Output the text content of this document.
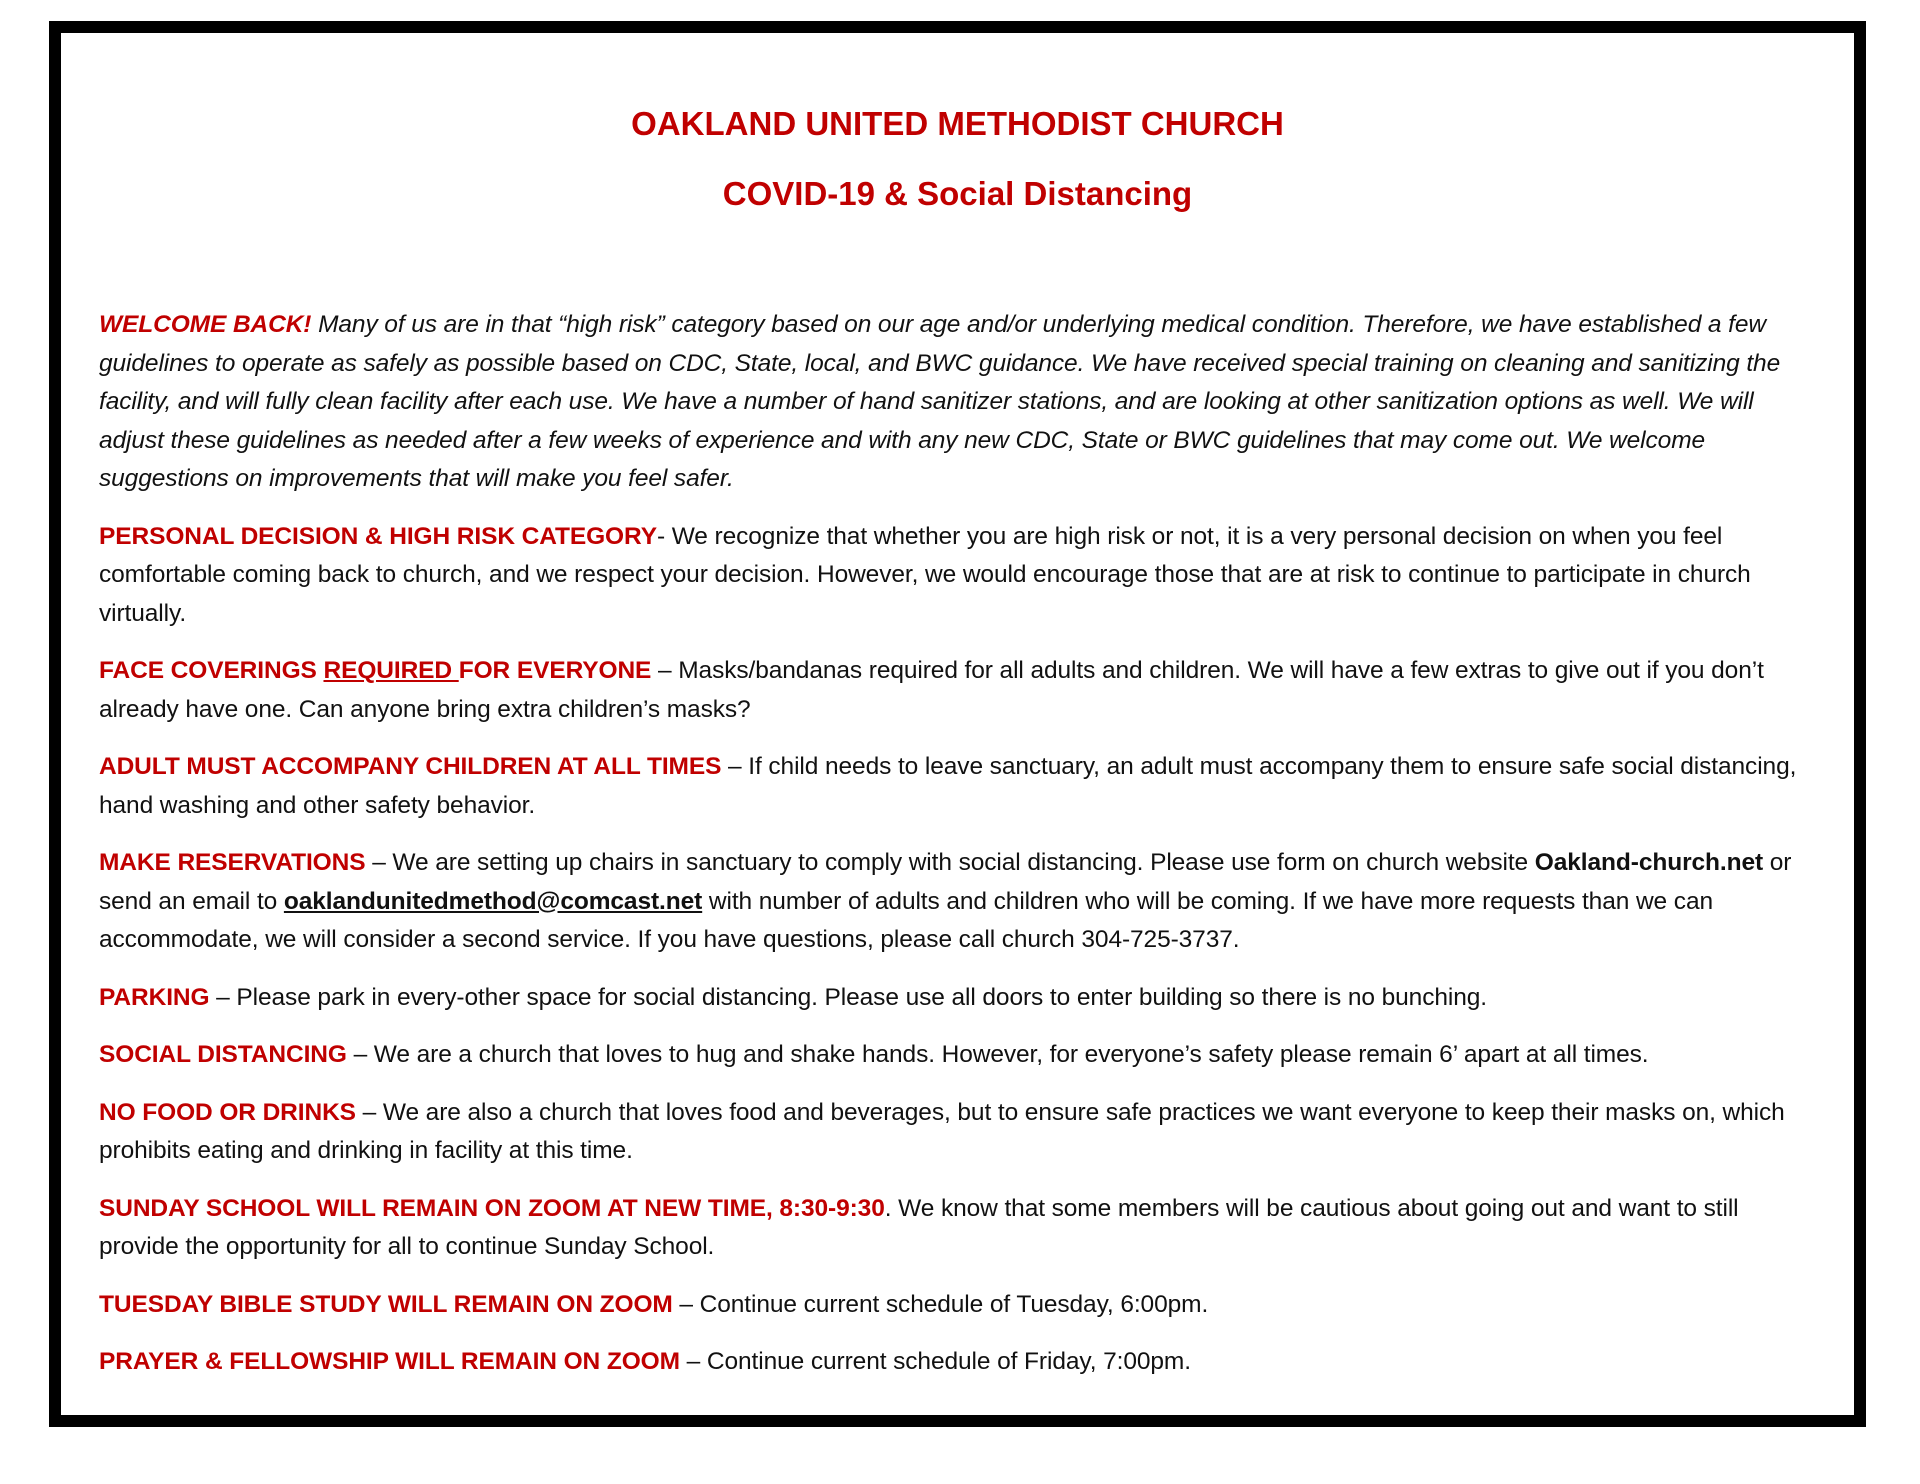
OAKLAND UNITED METHODIST CHURCH
COVID-19 & Social Distancing

WELCOME BACK! Many of us are in that “high risk” category based on our age and/or underlying medical condition. Therefore, we have established a few guidelines to operate as safely as possible based on CDC, State, local, and BWC guidance. We have received special training on cleaning and sanitizing the facility, and will fully clean facility after each use. We have a number of hand sanitizer stations, and are looking at other sanitization options as well. We will adjust these guidelines as needed after a few weeks of experience and with any new CDC, State or BWC guidelines that may come out. We welcome suggestions on improvements that will make you feel safer.

PERSONAL DECISION & HIGH RISK CATEGORY- We recognize that whether you are high risk or not, it is a very personal decision on when you feel comfortable coming back to church, and we respect your decision. However, we would encourage those that are at risk to continue to participate in church virtually.

FACE COVERINGS REQUIRED FOR EVERYONE – Masks/bandanas required for all adults and children. We will have a few extras to give out if you don’t already have one. Can anyone bring extra children’s masks?

ADULT MUST ACCOMPANY CHILDREN AT ALL TIMES – If child needs to leave sanctuary, an adult must accompany them to ensure safe social distancing, hand washing and other safety behavior.

MAKE RESERVATIONS – We are setting up chairs in sanctuary to comply with social distancing. Please use form on church website Oakland-church.net or send an email to oaklandunitedmethod@comcast.net with number of adults and children who will be coming. If we have more requests than we can accommodate, we will consider a second service. If you have questions, please call church 304-725-3737.

PARKING – Please park in every-other space for social distancing. Please use all doors to enter building so there is no bunching.

SOCIAL DISTANCING – We are a church that loves to hug and shake hands. However, for everyone’s safety please remain 6’ apart at all times.

NO FOOD OR DRINKS – We are also a church that loves food and beverages, but to ensure safe practices we want everyone to keep their masks on, which prohibits eating and drinking in facility at this time.

SUNDAY SCHOOL WILL REMAIN ON ZOOM AT NEW TIME, 8:30-9:30. We know that some members will be cautious about going out and want to still provide the opportunity for all to continue Sunday School.

TUESDAY BIBLE STUDY WILL REMAIN ON ZOOM – Continue current schedule of Tuesday, 6:00pm.

PRAYER & FELLOWSHIP WILL REMAIN ON ZOOM – Continue current schedule of Friday, 7:00pm.
